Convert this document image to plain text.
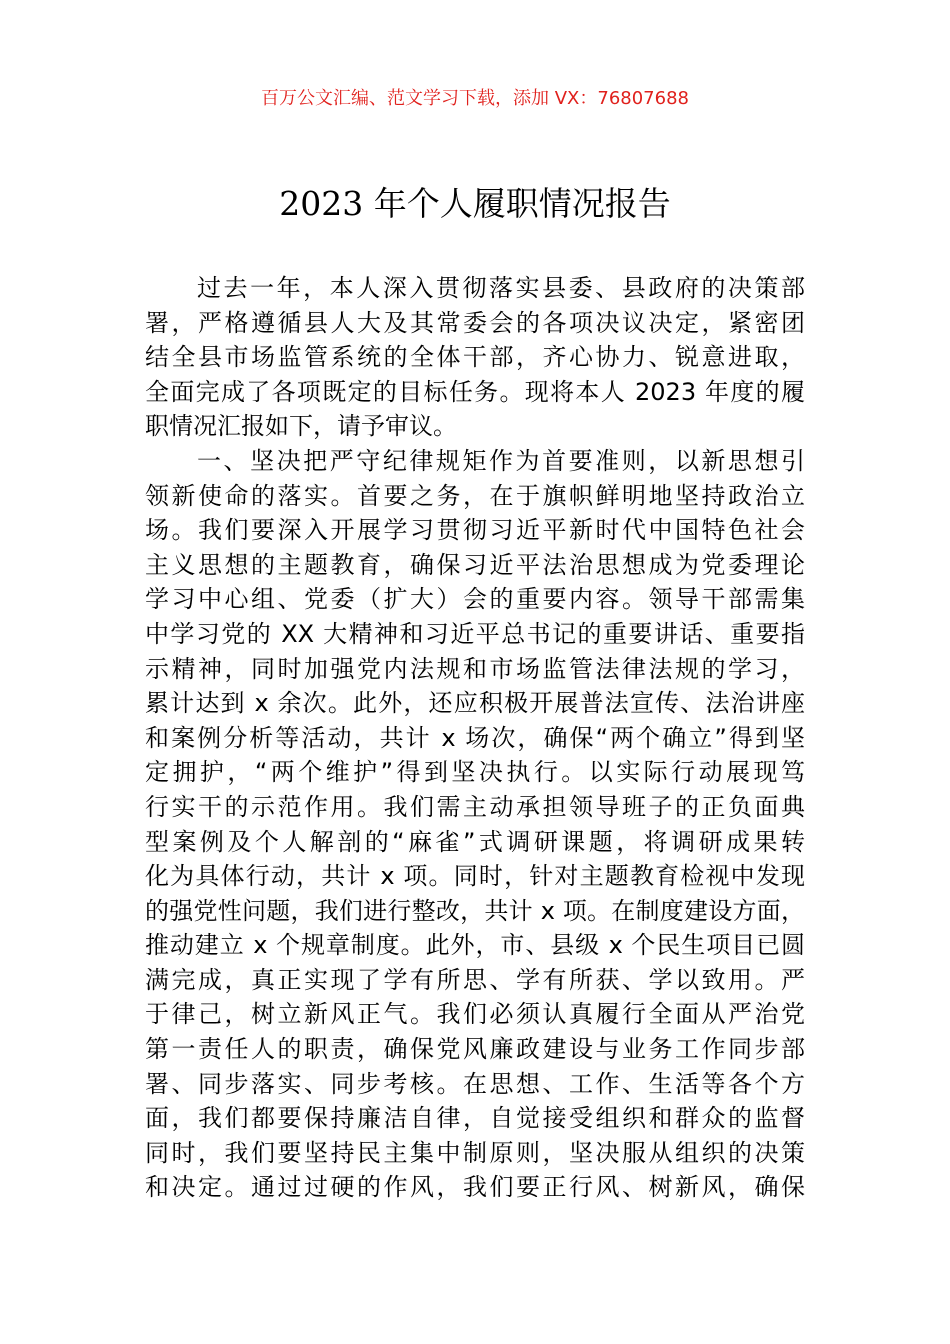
百万公文汇编、范文学习下载，添加 VX：76807688
2023 年个人履职情况报告
过去一年，本人深入贯彻落实县委、县政府的决策部
署，严格遵循县人大及其常委会的各项决议决定，紧密团
结全县市场监管系统的全体干部，齐心协力、锐意进取，
全面完成了各项既定的目标任务。现将本人 2023 年度的履
职情况汇报如下，请予审议。
一、坚决把严守纪律规矩作为首要准则，以新思想引
领新使命的落实。首要之务，在于旗帜鲜明地坚持政治立
场。我们要深入开展学习贯彻习近平新时代中国特色社会
主义思想的主题教育，确保习近平法治思想成为党委理论
学习中心组、党委（扩大）会的重要内容。领导干部需集
中学习党的 XX 大精神和习近平总书记的重要讲话、重要指
示精神，同时加强党内法规和市场监管法律法规的学习，
累计达到 x 余次。此外，还应积极开展普法宣传、法治讲座
和案例分析等活动，共计 x 场次，确保“两个确立”得到坚
定拥护，“两个维护”得到坚决执行。以实际行动展现笃
行实干的示范作用。我们需主动承担领导班子的正负面典
型案例及个人解剖的“麻雀”式调研课题，将调研成果转
化为具体行动，共计 x 项。同时，针对主题教育检视中发现
的强党性问题，我们进行整改，共计 x 项。在制度建设方面，
推动建立 x 个规章制度。此外，市、县级 x 个民生项目已圆
满完成，真正实现了学有所思、学有所获、学以致用。严
于律己，树立新风正气。我们必须认真履行全面从严治党
第一责任人的职责，确保党风廉政建设与业务工作同步部
署、同步落实、同步考核。在思想、工作、生活等各个方
面，我们都要保持廉洁自律，自觉接受组织和群众的监督
同时，我们要坚持民主集中制原则，坚决服从组织的决策
和决定。通过过硬的作风，我们要正行风、树新风，确保
